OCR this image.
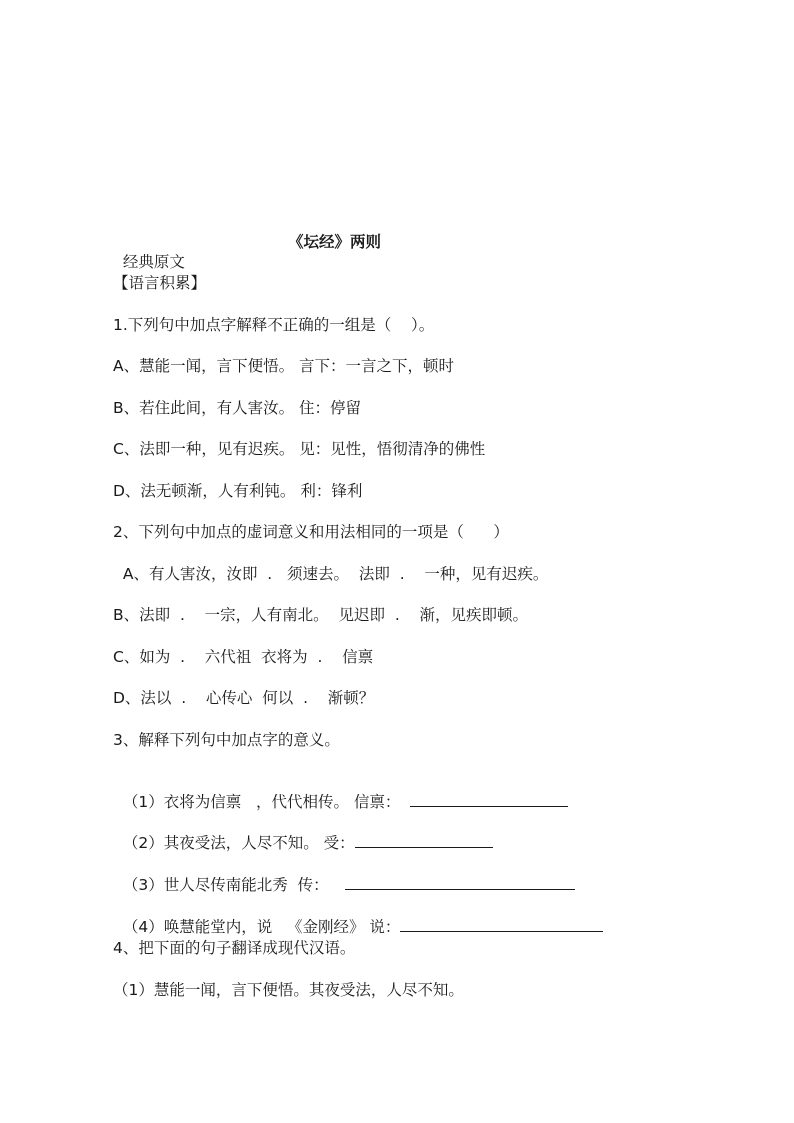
经典原文

《坛经》两则

【语言积累】
1.下列句中加点字解释不正确的一组是（    ）。
A、慧能一闻，言下便悟。 言下：一言之下，顿时
B、若住此间，有人害汝。 住：停留
C、法即一种，见有迟疾。 见：见性，悟彻清净的佛性
D、法无顿渐，人有利钝。 利：锋利
2、下列句中加点的虚词意义和用法相同的一项是（      ）
A、有人害汝，汝即  .   须速去。  法即  .    一种，见有迟疾。
B、法即  .    一宗，人有南北。  见迟即  .    渐，见疾即顿。
C、如为  .    六代祖  衣将为  .    信禀
D、法以  .    心传心  何以  .    渐顿？
3、解释下列句中加点字的意义。

（1）衣将为信禀   ，代代相传。 信禀：

（2）其夜受法，人尽不知。 受：

（3）世人尽传南能北秀  传：

（4）唤慧能堂内，说   《金刚经》 说：

4、把下面的句子翻译成现代汉语。
（1）慧能一闻，言下便悟。其夜受法，人尽不知。
